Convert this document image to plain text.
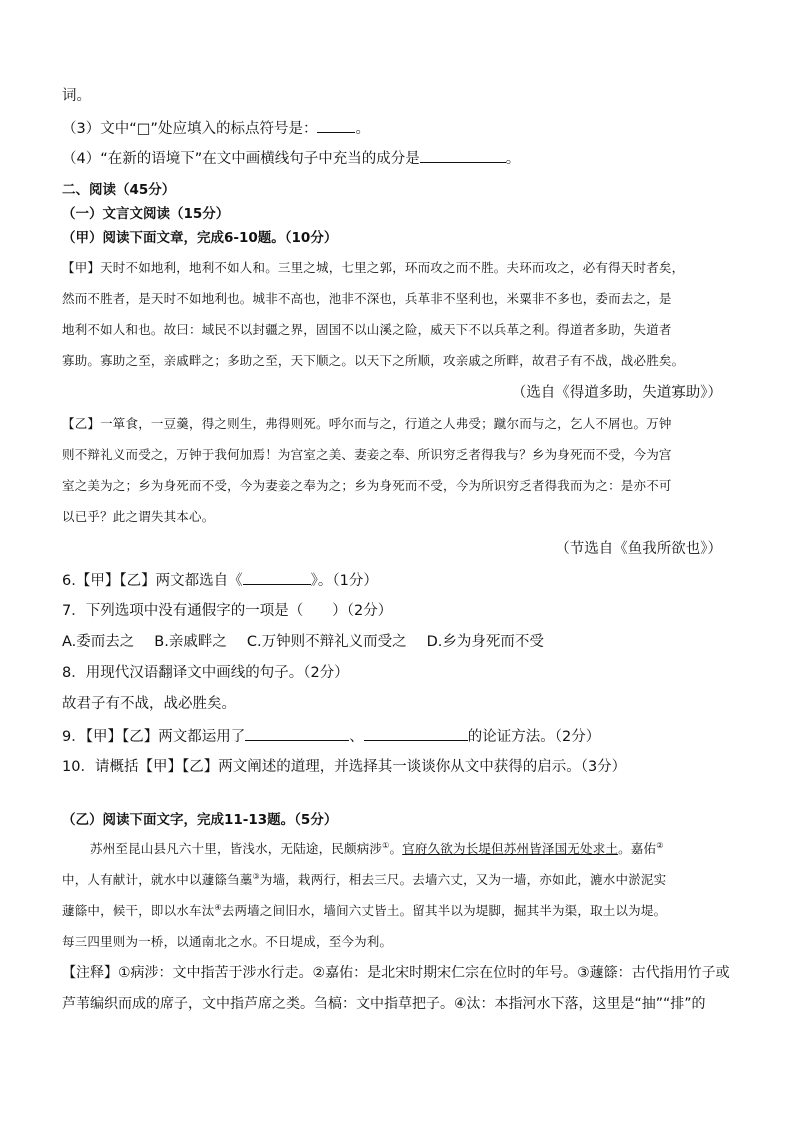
词。

（3）文中“□”处应填入的标点符号是：	。

（4）“在新的语境下”在文中画横线句子中充当的成分是	。

二、阅读（45分）

（一）文言文阅读（15分）

（甲）阅读下面文章，完成6-10题。（10分）

【甲】天时不如地利，地利不如人和。三里之城，七里之郭，环而攻之而不胜。夫环而攻之，必有得天时者矣，

然而不胜者，是天时不如地利也。城非不高也，池非不深也，兵革非不坚利也，米粟非不多也，委而去之，是

地利不如人和也。故曰：域民不以封疆之界，固国不以山溪之险，威天下不以兵革之利。得道者多助，失道者

寡助。寡助之至，亲戚畔之；多助之至，天下顺之。以天下之所顺，攻亲戚之所畔，故君子有不战，战必胜矣。

（选自《得道多助，失道寡助》）

【乙】一箪食，一豆羹，得之则生，弗得则死。呼尔而与之，行道之人弗受；蹴尔而与之，乞人不屑也。万钟

则不辩礼义而受之，万钟于我何加焉！为宫室之美、妻妾之奉、所识穷乏者得我与？乡为身死而不受，今为宫

室之美为之；乡为身死而不受，今为妻妾之奉为之；乡为身死而不受，今为所识穷乏者得我而为之：是亦不可

以已乎？此之谓失其本心。

（节选自《鱼我所欲也》）

6.【甲】【乙】两文都选自《	》。（1分）

7．下列选项中没有通假字的一项是（　　）（2分）

A.委而去之 B.亲戚畔之 C.万钟则不辩礼义而受之 D.乡为身死而不受

8．用现代汉语翻译文中画线的句子。（2分）

故君子有不战，战必胜矣。

9．【甲】【乙】两文都运用了	、	的论证方法。（2分）

10．请概括【甲】【乙】两文阐述的道理，并选择其一谈谈你从文中获得的启示。（3分）

（乙）阅读下面文字，完成11-13题。（5分）

苏州至昆山县凡六十里，皆浅水，无陆途，民颇病涉①。官府久欲为长堤但苏州皆泽国无处求土。嘉佑②

中，人有献计，就水中以蘧篨刍藁③为墙，栽两行，相去三尺。去墙六丈，又为一墙，亦如此，漉水中淤泥实

蘧篨中，候干，即以水车汰④去两墙之间旧水，墙间六丈皆土。留其半以为堤脚，掘其半为渠，取土以为堤。

每三四里则为一桥，以通南北之水。不日堤成，至今为利。

【注释】①病涉：文中指苦于涉水行走。②嘉佑：是北宋时期宋仁宗在位时的年号。③蘧篨：古代指用竹子或

芦苇编织而成的席子，文中指芦席之类。刍槁：文中指草把子。④汰：本指河水下落，这里是“抽”“排”的
